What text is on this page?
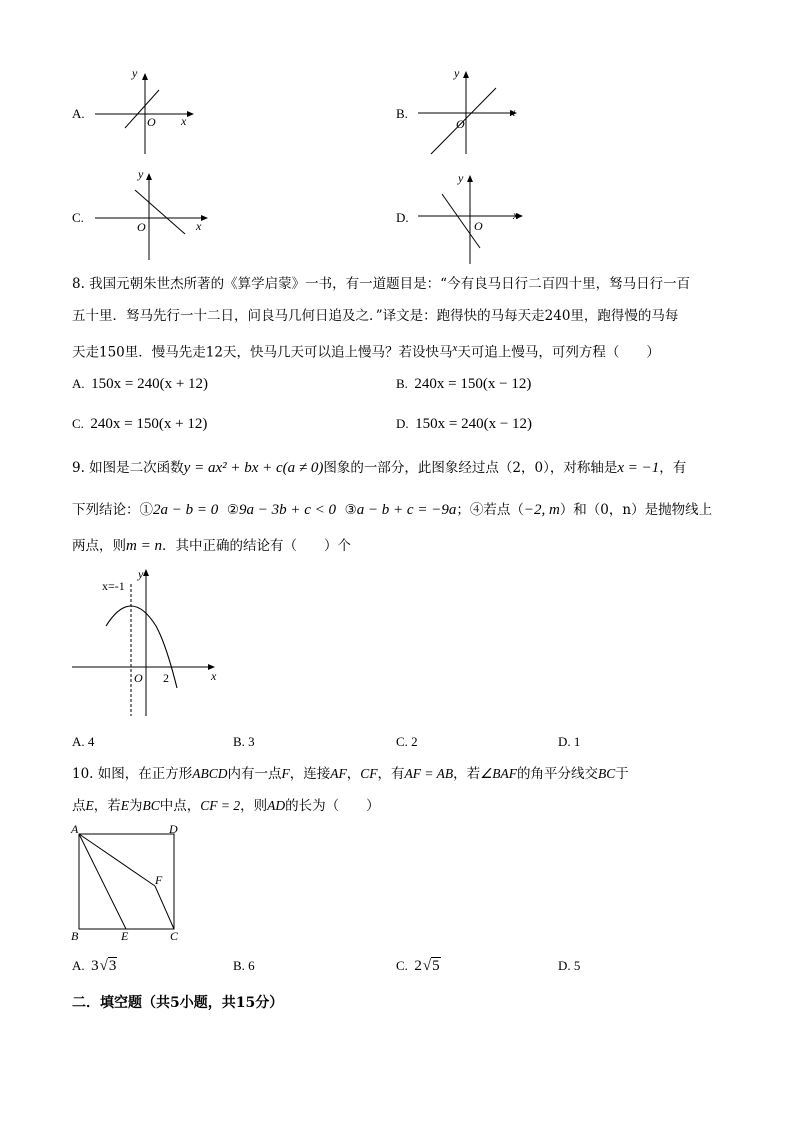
A.
y
x
O
B.
y
x
O
C.
y
x
O
D.
y
x
O
8. 我国元朝朱世杰所著的《算学启蒙》一书，有一道题目是：“今有良马日行二百四十里，驽马日行一百
五十里．驽马先行一十二日，问良马几何日追及之．”译文是：跑得快的马每天走240里，跑得慢的马每
天走150里．慢马先走12天，快马几天可以追上慢马？若设快马$^x$天可追上慢马，可列方程（　　）
A. 150x = 240(x + 12)	B. 240x = 150(x − 12)
C. 240x = 150(x + 12)	D. 150x = 240(x − 12)
9. 如图是二次函数y = ax² + bx + c(a ≠ 0)图象的一部分，此图象经过点（2，0），对称轴是x = −1，有
下列结论：①2a − b = 0 ②9a − 3b + c < 0 ③a − b + c = −9a；④若点（−2, m）和（0，n）是抛物线上
两点，则m = n．其中正确的结论有（　　）个
x=-1
y
x
O 2
A. 4	B. 3	C. 2	D. 1
10. 如图，在正方形ABCD内有一点F，连接AF，CF，有AF = AB，若∠BAF的角平分线交BC于
点E，若E为BC中点，CF = 2，则AD的长为（　　）
A	D
B	C
E
F
A. 3√3	B. 6	C. 2√5	D. 5
二．填空题（共5小题，共15分）
